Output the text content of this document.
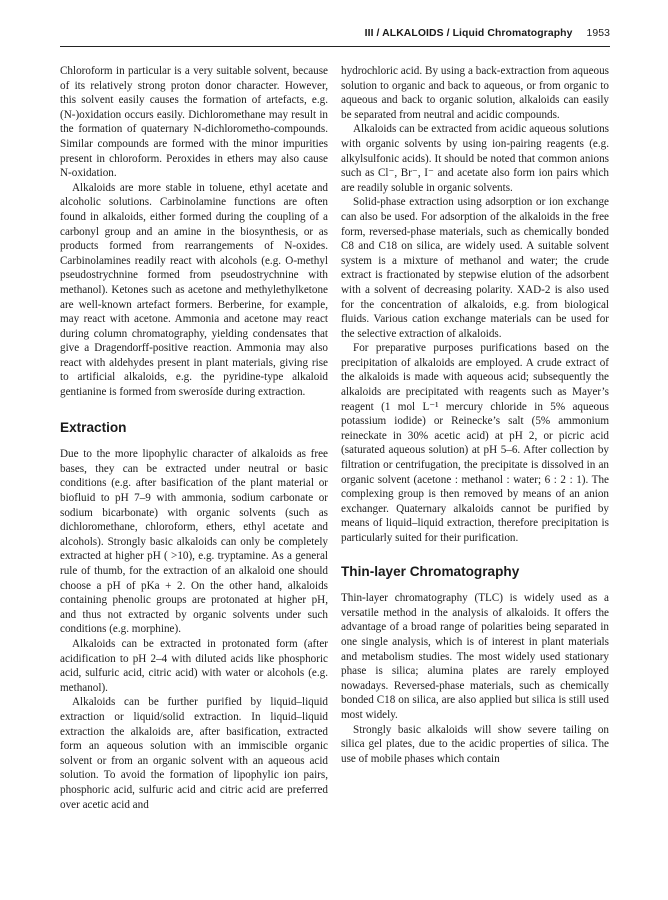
III / ALKALOIDS / Liquid Chromatography 1953

Chloroform in particular is a very suitable solvent, because of its relatively strong proton donor character. However, this solvent easily causes the formation of artefacts, e.g. (N-)oxidation occurs easily. Dichloromethane may result in the formation of quaternary N-dichlorometho-compounds. Similar compounds are formed with the minor impurities present in chloroform. Peroxides in ethers may also cause N-oxidation.

Alkaloids are more stable in toluene, ethyl acetate and alcoholic solutions. Carbinolamine functions are often found in alkaloids, either formed during the coupling of a carbonyl group and an amine in the biosynthesis, or as products formed from rearrangements of N-oxides. Carbinolamines readily react with alcohols (e.g. O-methyl pseudostrychnine formed from pseudostrychnine with methanol). Ketones such as acetone and methylethylketone are well-known artefact formers. Berberine, for example, may react with acetone. Ammonia and acetone may react during column chromatography, yielding condensates that give a Dragendorff-positive reaction. Ammonia may also react with aldehydes present in plant materials, giving rise to artificial alkaloids, e.g. the pyridine-type alkaloid gentianine is formed from swerosíde during extraction.

Extraction

Due to the more lipophylic character of alkaloids as free bases, they can be extracted under neutral or basic conditions (e.g. after basification of the plant material or biofluid to pH 7–9 with ammonia, sodium carbonate or sodium bicarbonate) with organic solvents (such as dichloromethane, chloroform, ethers, ethyl acetate and alcohols). Strongly basic alkaloids can only be completely extracted at higher pH ( >10), e.g. tryptamine. As a general rule of thumb, for the extraction of an alkaloid one should choose a pH of pKa + 2. On the other hand, alkaloids containing phenolic groups are protonated at higher pH, and thus not extracted by organic solvents under such conditions (e.g. morphine).

Alkaloids can be extracted in protonated form (after acidification to pH 2–4 with diluted acids like phosphoric acid, sulfuric acid, citric acid) with water or alcohols (e.g. methanol).

Alkaloids can be further purified by liquid–liquid extraction or liquid/solid extraction. In liquid–liquid extraction the alkaloids are, after basification, extracted form an aqueous solution with an immiscible organic solvent or from an organic solvent with an aqueous acid solution. To avoid the formation of lipophylic ion pairs, phosphoric acid, sulfuric acid and citric acid are preferred over acetic acid and

hydrochloric acid. By using a back-extraction from aqueous solution to organic and back to aqueous, or from organic to aqueous and back to organic solution, alkaloids can easily be separated from neutral and acidic compounds.

Alkaloids can be extracted from acidic aqueous solutions with organic solvents by using ion-pairing reagents (e.g. alkylsulfonic acids). It should be noted that common anions such as Cl⁻, Br⁻, I⁻ and acetate also form ion pairs which are readily soluble in organic solvents.

Solid-phase extraction using adsorption or ion exchange can also be used. For adsorption of the alkaloids in the free form, reversed-phase materials, such as chemically bonded C8 and C18 on silica, are widely used. A suitable solvent system is a mixture of methanol and water; the crude extract is fractionated by stepwise elution of the adsorbent with a solvent of decreasing polarity. XAD-2 is also used for the concentration of alkaloids, e.g. from biological fluids. Various cation exchange materials can be used for the selective extraction of alkaloids.

For preparative purposes purifications based on the precipitation of alkaloids are employed. A crude extract of the alkaloids is made with aqueous acid; subsequently the alkaloids are precipitated with reagents such as Mayer’s reagent (1 mol L⁻¹ mercury chloride in 5% aqueous potassium iodide) or Reinecke’s salt (5% ammonium reineckate in 30% acetic acid) at pH 2, or picric acid (saturated aqueous solution) at pH 5–6. After collection by filtration or centrifugation, the precipitate is dissolved in an organic solvent (acetone : methanol : water; 6 : 2 : 1). The complexing group is then removed by means of an anion exchanger. Quaternary alkaloids cannot be purified by means of liquid–liquid extraction, therefore precipitation is particularly suited for their purification.

Thin-layer Chromatography

Thin-layer chromatography (TLC) is widely used as a versatile method in the analysis of alkaloids. It offers the advantage of a broad range of polarities being separated in one single analysis, which is of interest in plant materials and metabolism studies. The most widely used stationary phase is silica; alumina plates are rarely employed nowadays. Reversed-phase materials, such as chemically bonded C18 on silica, are also applied but silica is still used most widely.

Strongly basic alkaloids will show severe tailing on silica gel plates, due to the acidic properties of silica. The use of mobile phases which contain
